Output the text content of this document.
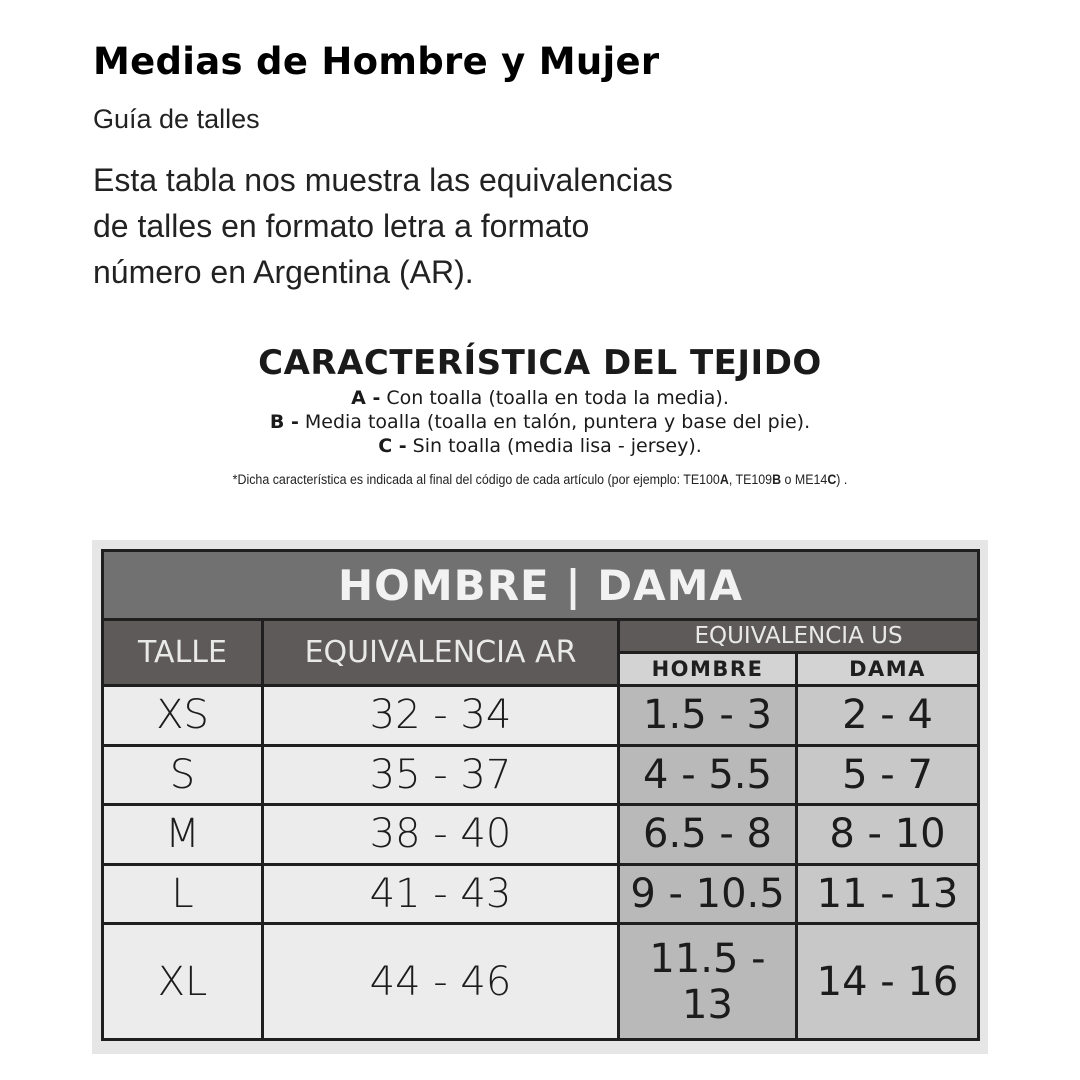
Medias de Hombre y Mujer
Guía de talles
Esta tabla nos muestra las equivalencias
de talles en formato letra a formato
número en Argentina (AR).
CARACTERÍSTICA DEL TEJIDO
A - Con toalla (toalla en toda la media).
B - Media toalla (toalla en talón, puntera y base del pie).
C - Sin toalla (media lisa - jersey).
*Dicha característica es indicada al final del código de cada artículo (por ejemplo: TE100A, TE109B o ME14C) .
HOMBRE | DAMA			
TALLE	EQUIVALENCIA AR	EQUIVALENCIA US	
		HOMBRE	DAMA
XS	32 - 34	1.5 - 3	2 - 4
S	35 - 37	4 - 5.5	5 - 7
M	38 - 40	6.5 - 8	8 - 10
L	41 - 43	9 - 10.5	11 - 13
XL	44 - 46	11.5 - 13	14 - 16
